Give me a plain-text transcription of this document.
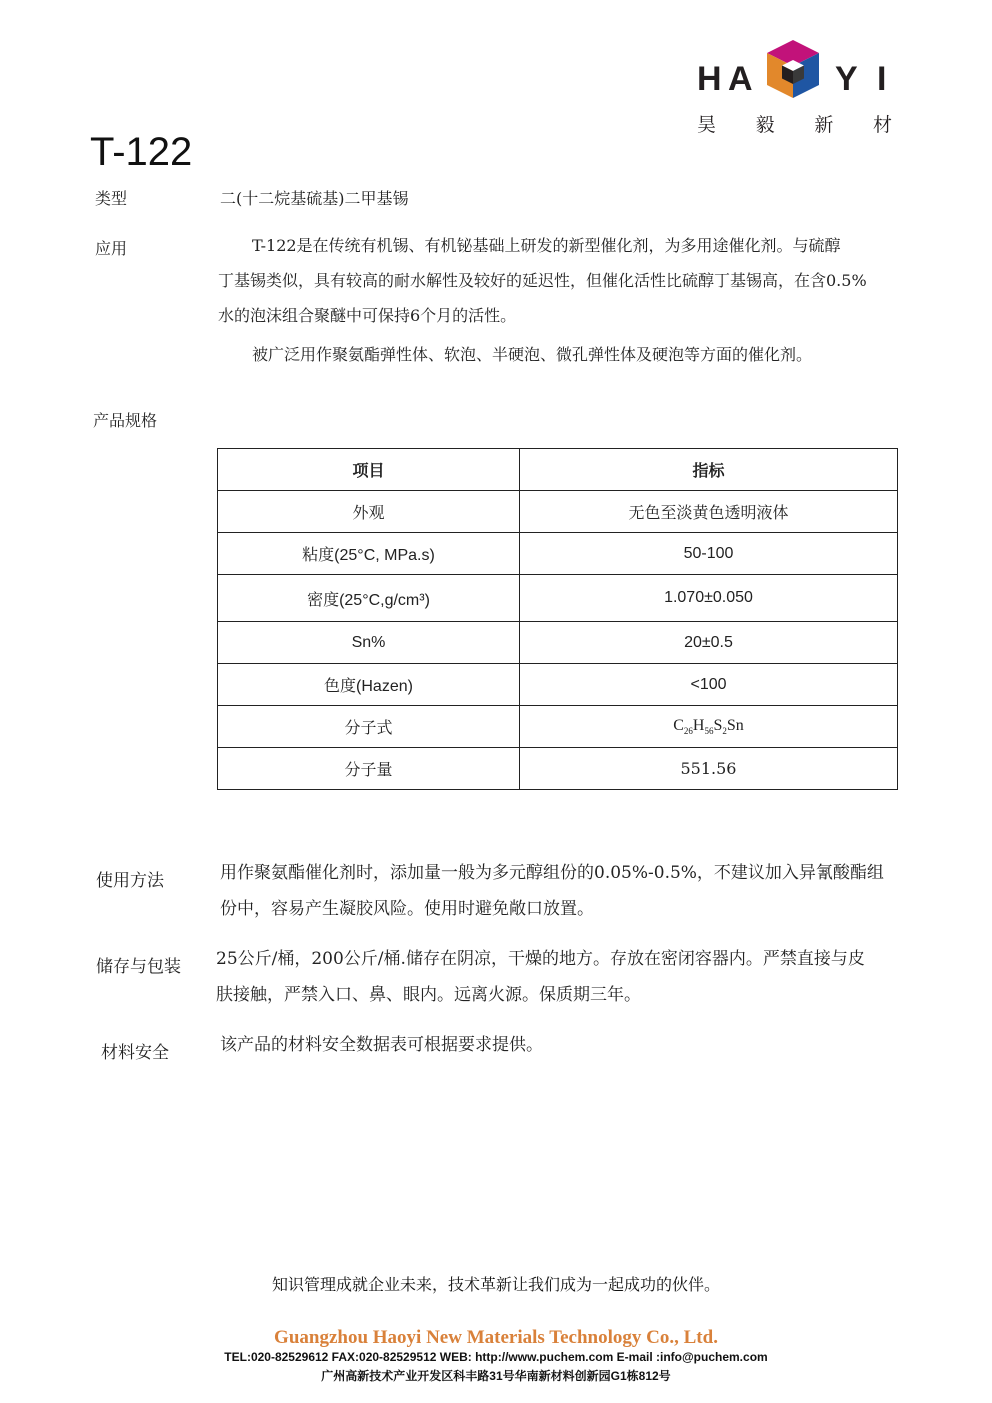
H A Y I
昊 毅 新 材
T-122
类型	二(十二烷基硫基)二甲基锡
应用	T-122是在传统有机锡、有机铋基础上研发的新型催化剂，为多用途催化剂。与硫醇
丁基锡类似，具有较高的耐水解性及较好的延迟性，但催化活性比硫醇丁基锡高，在含0.5%
水的泡沫组合聚醚中可保持6个月的活性。
被广泛用作聚氨酯弹性体、软泡、半硬泡、微孔弹性体及硬泡等方面的催化剂。
产品规格
项目	指标
外观	无色至淡黄色透明液体
粘度(25°C, MPa.s)	50-100
密度(25°C,g/cm³)	1.070±0.050
Sn%	20±0.5
色度(Hazen)	<100
分子式	$C_{26}H_{56}S_2Sn$
分子量	551.56
使用方法	用作聚氨酯催化剂时，添加量一般为多元醇组份的0.05%-0.5%，不建议加入异氰酸酯组
份中，容易产生凝胶风险。使用时避免敞口放置。
储存与包装 25公斤/桶，200公斤/桶.储存在阴凉，干燥的地方。存放在密闭容器内。严禁直接与皮
肤接触，严禁入口、鼻、眼内。远离火源。保质期三年。
材料安全	该产品的材料安全数据表可根据要求提供。
知识管理成就企业未来，技术革新让我们成为一起成功的伙伴。
Guangzhou Haoyi New Materials Technology Co., Ltd.
TEL:020-82529612 FAX:020-82529512 WEB: http://www.puchem.com E-mail :info@puchem.com
广州高新技术产业开发区科丰路31号华南新材料创新园G1栋812号
